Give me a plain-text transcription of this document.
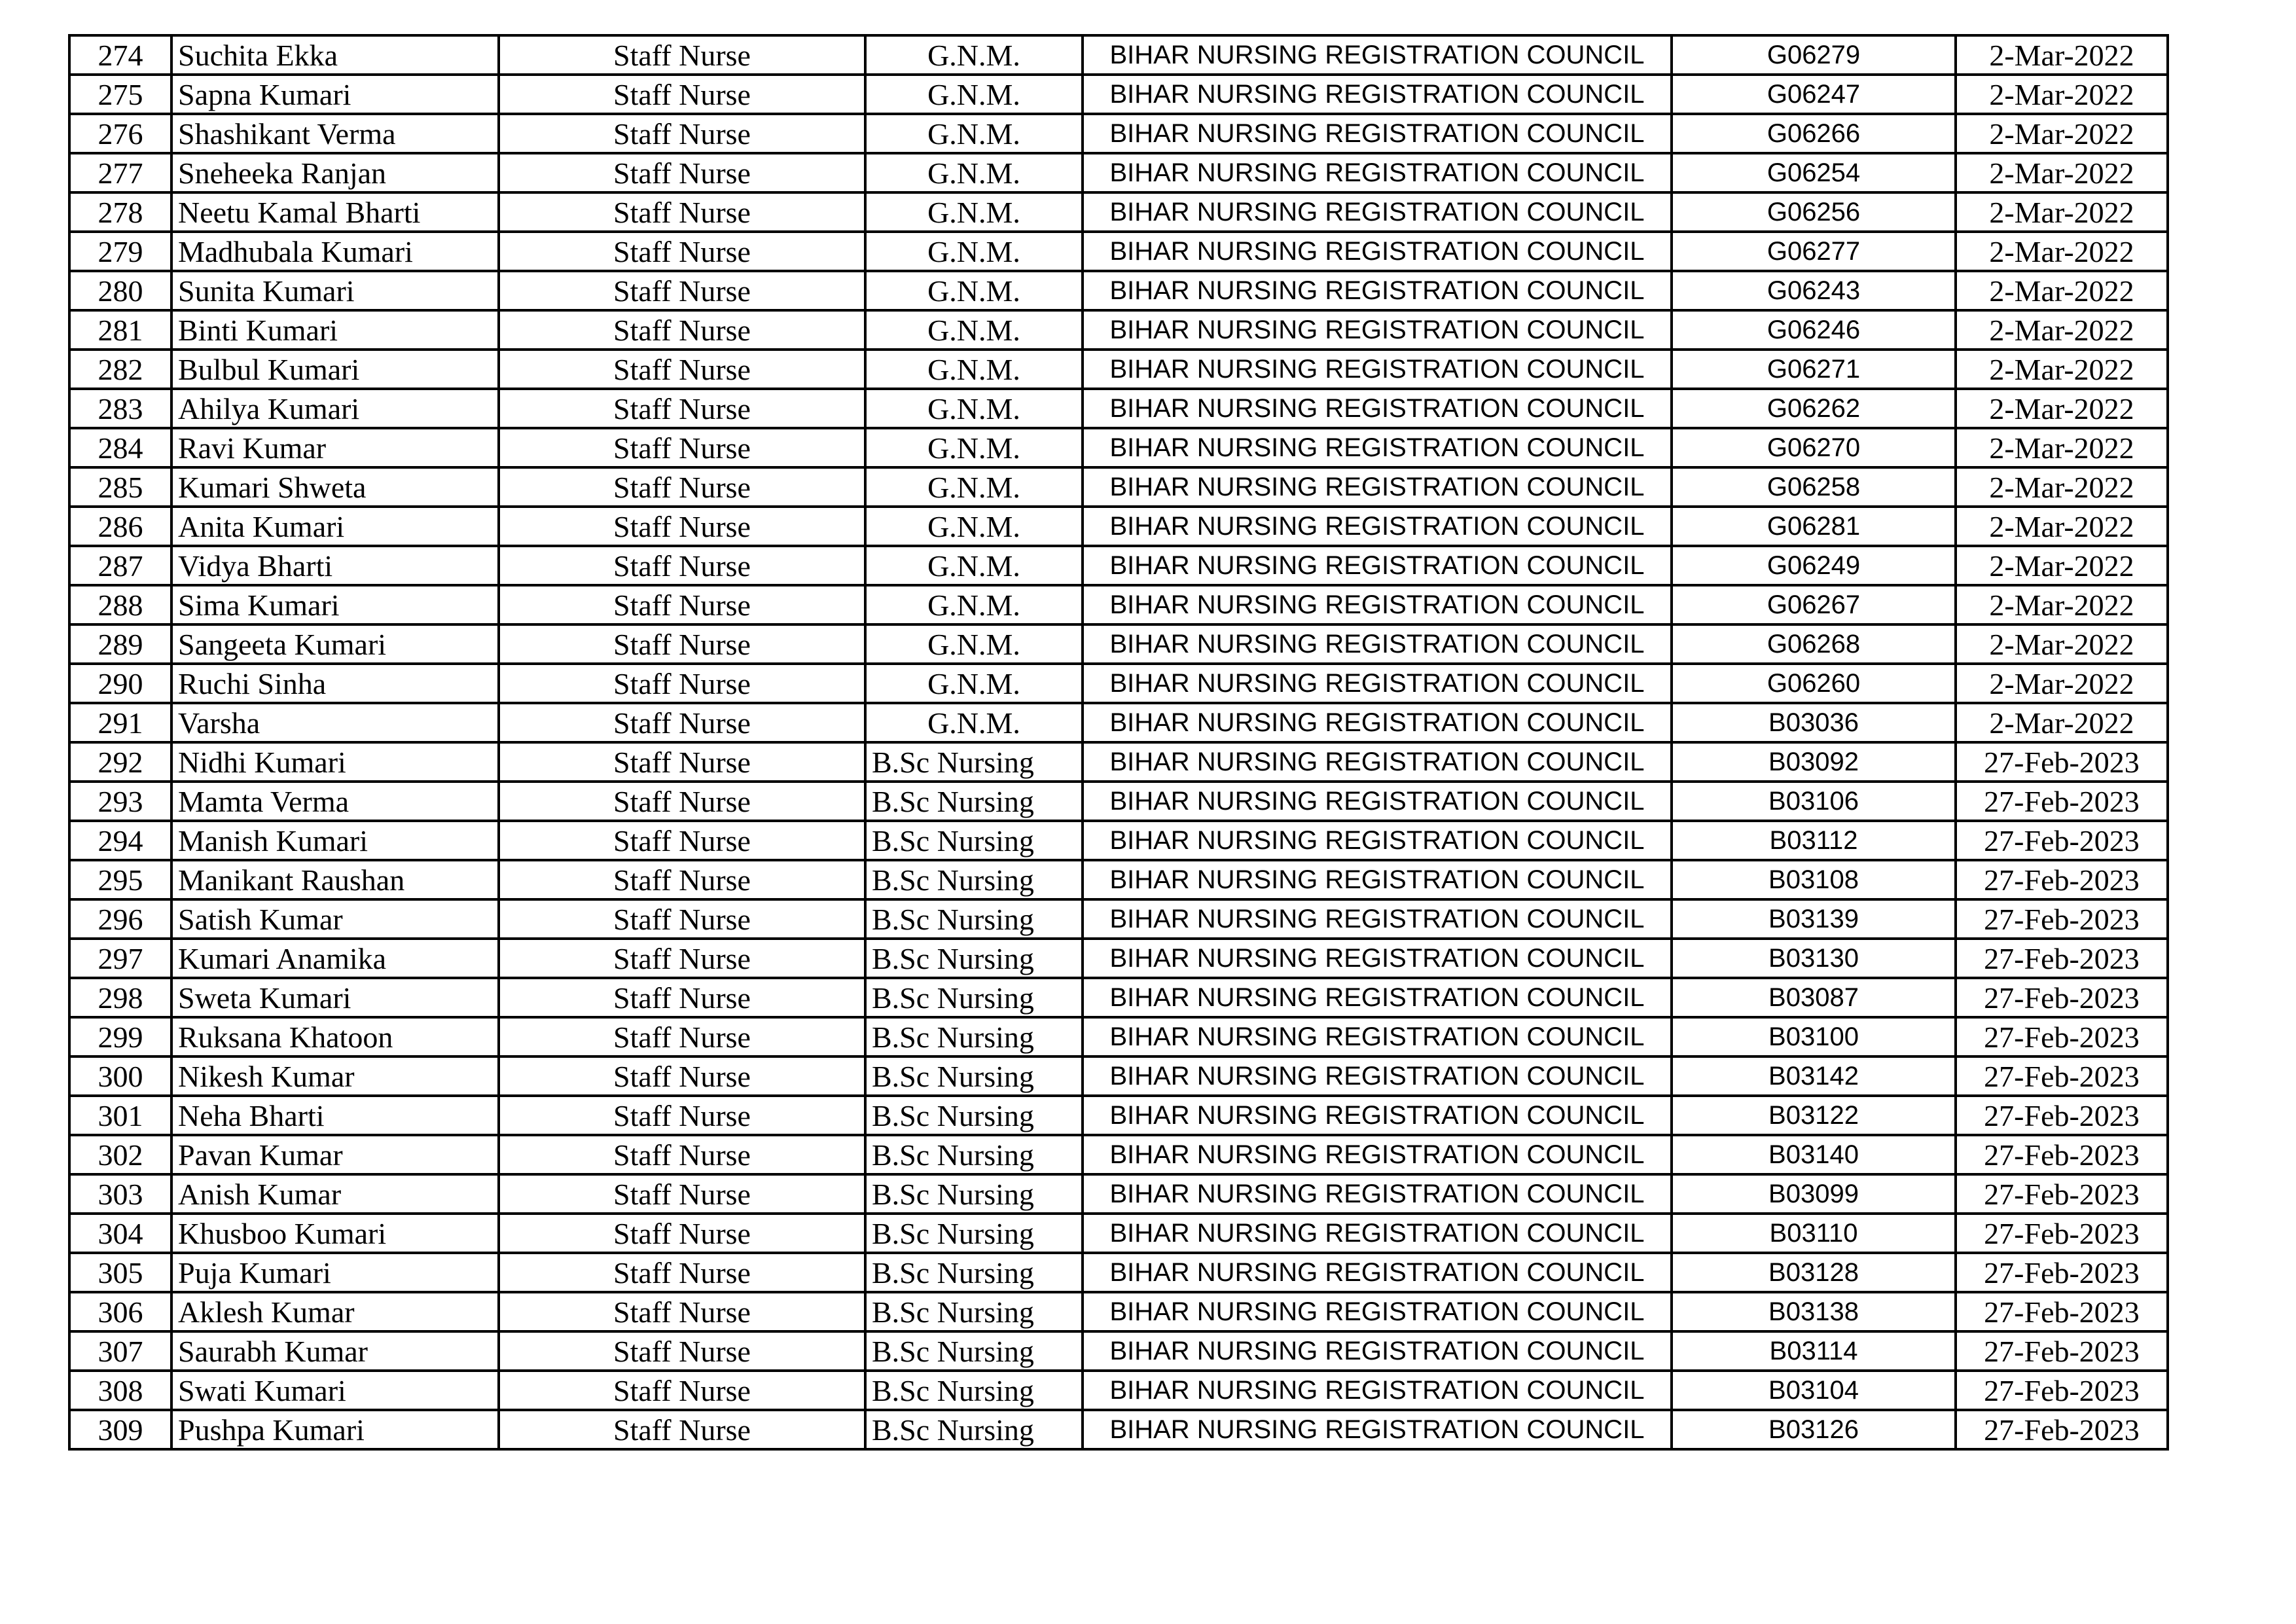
274	Suchita Ekka	Staff Nurse	G.N.M.	BIHAR NURSING REGISTRATION COUNCIL	G06279	2-Mar-2022
275	Sapna Kumari	Staff Nurse	G.N.M.	BIHAR NURSING REGISTRATION COUNCIL	G06247	2-Mar-2022
276	Shashikant Verma	Staff Nurse	G.N.M.	BIHAR NURSING REGISTRATION COUNCIL	G06266	2-Mar-2022
277	Sneheeka Ranjan	Staff Nurse	G.N.M.	BIHAR NURSING REGISTRATION COUNCIL	G06254	2-Mar-2022
278	Neetu Kamal Bharti	Staff Nurse	G.N.M.	BIHAR NURSING REGISTRATION COUNCIL	G06256	2-Mar-2022
279	Madhubala Kumari	Staff Nurse	G.N.M.	BIHAR NURSING REGISTRATION COUNCIL	G06277	2-Mar-2022
280	Sunita Kumari	Staff Nurse	G.N.M.	BIHAR NURSING REGISTRATION COUNCIL	G06243	2-Mar-2022
281	Binti Kumari	Staff Nurse	G.N.M.	BIHAR NURSING REGISTRATION COUNCIL	G06246	2-Mar-2022
282	Bulbul Kumari	Staff Nurse	G.N.M.	BIHAR NURSING REGISTRATION COUNCIL	G06271	2-Mar-2022
283	Ahilya Kumari	Staff Nurse	G.N.M.	BIHAR NURSING REGISTRATION COUNCIL	G06262	2-Mar-2022
284	Ravi Kumar	Staff Nurse	G.N.M.	BIHAR NURSING REGISTRATION COUNCIL	G06270	2-Mar-2022
285	Kumari Shweta	Staff Nurse	G.N.M.	BIHAR NURSING REGISTRATION COUNCIL	G06258	2-Mar-2022
286	Anita Kumari	Staff Nurse	G.N.M.	BIHAR NURSING REGISTRATION COUNCIL	G06281	2-Mar-2022
287	Vidya Bharti	Staff Nurse	G.N.M.	BIHAR NURSING REGISTRATION COUNCIL	G06249	2-Mar-2022
288	Sima Kumari	Staff Nurse	G.N.M.	BIHAR NURSING REGISTRATION COUNCIL	G06267	2-Mar-2022
289	Sangeeta Kumari	Staff Nurse	G.N.M.	BIHAR NURSING REGISTRATION COUNCIL	G06268	2-Mar-2022
290	Ruchi Sinha	Staff Nurse	G.N.M.	BIHAR NURSING REGISTRATION COUNCIL	G06260	2-Mar-2022
291	Varsha	Staff Nurse	G.N.M.	BIHAR NURSING REGISTRATION COUNCIL	B03036	2-Mar-2022
292	Nidhi Kumari	Staff Nurse	B.Sc Nursing	BIHAR NURSING REGISTRATION COUNCIL	B03092	27-Feb-2023
293	Mamta Verma	Staff Nurse	B.Sc Nursing	BIHAR NURSING REGISTRATION COUNCIL	B03106	27-Feb-2023
294	Manish Kumari	Staff Nurse	B.Sc Nursing	BIHAR NURSING REGISTRATION COUNCIL	B03112	27-Feb-2023
295	Manikant Raushan	Staff Nurse	B.Sc Nursing	BIHAR NURSING REGISTRATION COUNCIL	B03108	27-Feb-2023
296	Satish Kumar	Staff Nurse	B.Sc Nursing	BIHAR NURSING REGISTRATION COUNCIL	B03139	27-Feb-2023
297	Kumari Anamika	Staff Nurse	B.Sc Nursing	BIHAR NURSING REGISTRATION COUNCIL	B03130	27-Feb-2023
298	Sweta Kumari	Staff Nurse	B.Sc Nursing	BIHAR NURSING REGISTRATION COUNCIL	B03087	27-Feb-2023
299	Ruksana Khatoon	Staff Nurse	B.Sc Nursing	BIHAR NURSING REGISTRATION COUNCIL	B03100	27-Feb-2023
300	Nikesh Kumar	Staff Nurse	B.Sc Nursing	BIHAR NURSING REGISTRATION COUNCIL	B03142	27-Feb-2023
301	Neha Bharti	Staff Nurse	B.Sc Nursing	BIHAR NURSING REGISTRATION COUNCIL	B03122	27-Feb-2023
302	Pavan Kumar	Staff Nurse	B.Sc Nursing	BIHAR NURSING REGISTRATION COUNCIL	B03140	27-Feb-2023
303	Anish Kumar	Staff Nurse	B.Sc Nursing	BIHAR NURSING REGISTRATION COUNCIL	B03099	27-Feb-2023
304	Khusboo Kumari	Staff Nurse	B.Sc Nursing	BIHAR NURSING REGISTRATION COUNCIL	B03110	27-Feb-2023
305	Puja Kumari	Staff Nurse	B.Sc Nursing	BIHAR NURSING REGISTRATION COUNCIL	B03128	27-Feb-2023
306	Aklesh Kumar	Staff Nurse	B.Sc Nursing	BIHAR NURSING REGISTRATION COUNCIL	B03138	27-Feb-2023
307	Saurabh Kumar	Staff Nurse	B.Sc Nursing	BIHAR NURSING REGISTRATION COUNCIL	B03114	27-Feb-2023
308	Swati Kumari	Staff Nurse	B.Sc Nursing	BIHAR NURSING REGISTRATION COUNCIL	B03104	27-Feb-2023
309	Pushpa Kumari	Staff Nurse	B.Sc Nursing	BIHAR NURSING REGISTRATION COUNCIL	B03126	27-Feb-2023
